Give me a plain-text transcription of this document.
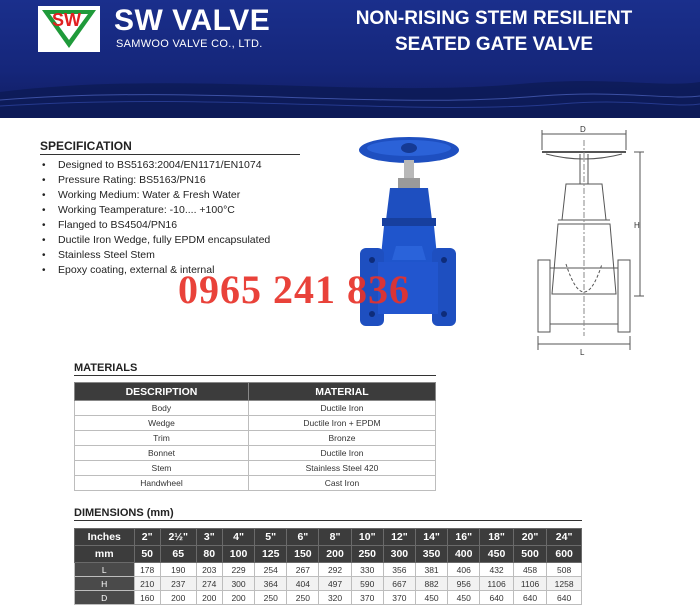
SW SW VALVE
SAMWOO VALVE CO., LTD.
NON-RISING STEM RESILIENT
SEATED GATE VALVE
SPECIFICATION
• Designed to BS5163:2004/EN1171/EN1074
• Pressure Rating: BS5163/PN16
• Working Medium: Water & Fresh Water
• Working Teamperature: -10.... +100°C
• Flanged to BS4504/PN16
• Ductile Iron Wedge, fully EPDM encapsulated
• Stainless Steel Stem
• Epoxy coating, external & internal
0965 241 836
D
H
L
MATERIALS
DESCRIPTION	MATERIAL
Body	Ductile Iron
Wedge	Ductile Iron + EPDM
Trim	Bronze
Bonnet	Ductile Iron
Stem	Stainless Steel 420
Handwheel	Cast Iron
DIMENSIONS (mm)
Inches	2"	2½"	3"	4"	5"	6"	8"	10"	12"	14"	16"	18"	20"	24"
mm	50	65	80	100	125	150	200	250	300	350	400	450	500	600
L	178	190	203	229	254	267	292	330	356	381	406	432	458	508
H	210	237	274	300	364	404	497	590	667	882	956	1106	1106	1258
D	160	200	200	200	250	250	320	370	370	450	450	640	640	640
